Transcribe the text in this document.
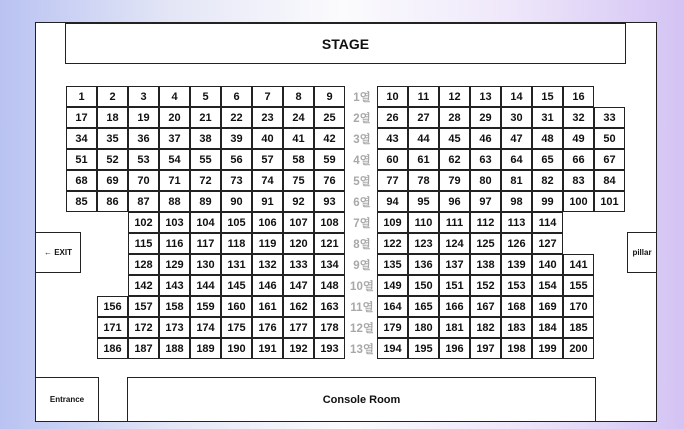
STAGE
← EXIT	pillar
Entrance	Console Room
1	2	3	4	5	6	7	8	9	10	11	12	13	14	15	16
1열
17	18	19	20	21	22	23	24	25	26	27	28	29	30	31	32	33
2열
34	35	36	37	38	39	40	41	42	43	44	45	46	47	48	49	50
3열
51	52	53	54	55	56	57	58	59	60	61	62	63	64	65	66	67
4열
68	69	70	71	72	73	74	75	76	77	78	79	80	81	82	83	84
5열
85	86	87	88	89	90	91	92	93	94	95	96	97	98	99	100	101
6열
102	103	104	105	106	107	108	109	110	111	112	113	114
7열
115	116	117	118	119	120	121	122	123	124	125	126	127
8열
128	129	130	131	132	133	134	135	136	137	138	139	140	141
9열
142	143	144	145	146	147	148	149	150	151	152	153	154	155
10열
156	157	158	159	160	161	162	163	164	165	166	167	168	169	170
11열
171	172	173	174	175	176	177	178	179	180	181	182	183	184	185
12열
186	187	188	189	190	191	192	193	194	195	196	197	198	199	200
13열
